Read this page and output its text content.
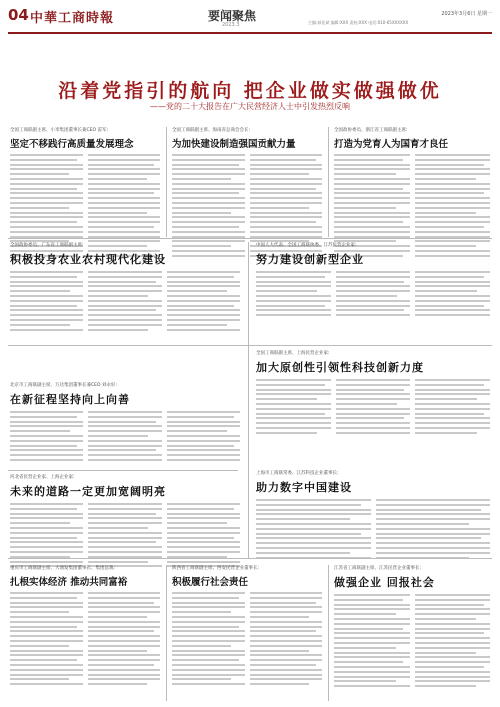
04 中華工商時報	要闻聚焦
2023.3	主编:郝佳斌 编辑:XXX 责校:XXX 电话:010-65XXXXXX
2023年3月6日 星期一
沿着党指引的航向 把企业做实做强做优
——党的二十大报告在广大民营经济人士中引发热烈反响
全国工商联副主席、小米集团董事长兼CEO 雷军:
坚定不移践行高质量发展理念
全国工商联副主席、海南省总商会会长:
为加快建设制造强国贡献力量
全国政协委员、浙江省工商联副主席:
打造为党育人为国育才良任
全国政协委员、广东省工商联副主席:
积极投身农业农村现代化建设
中国人大代表、全国工商联执委、江苏民营企业家:
努力建设创新型企业
北京市工商联副主席、万达集团董事长兼CEO 刘永好:
在新征程坚持向上向善
全国工商联副主席、上海民营企业家:
加大原创性引领性科技创新力度
河北省民营企业家、上海企业家:
未来的道路一定更加宽阔明亮
上海市工商联常委、江苏科技企业董事长:
助力数字中国建设
重庆市工商联副主席、大润发集团董事长、集团总裁:
扎根实体经济 推动共同富裕
陕西省工商联副主席、西安民营企业董事长:
积极履行社会责任
江苏省工商联副主席、江苏民营企业董事长:
做强企业 回报社会
